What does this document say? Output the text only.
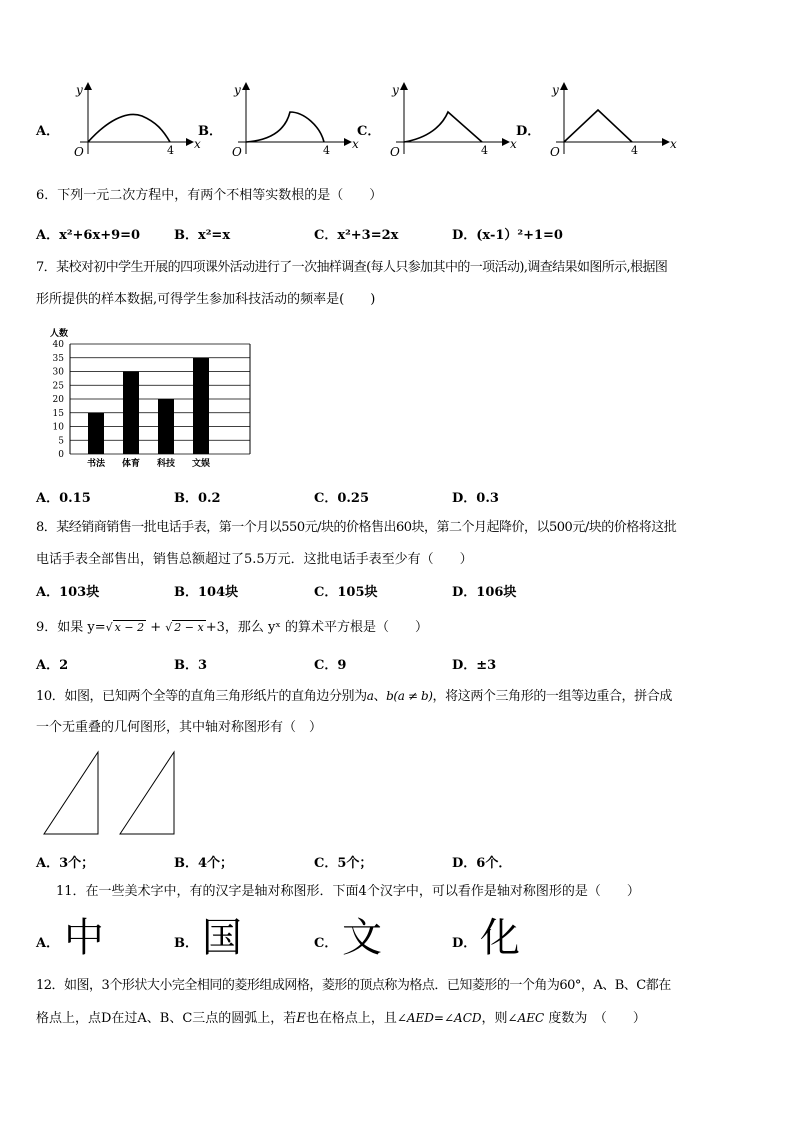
A．
y
x
O	4
B．
y
x
O	4
C．
y
x
O	4
D．
y
x
O	4
6．下列一元二次方程中，有两个不相等实数根的是（　　）
A．x²+6x+9=0	B．x²=x	C．x²+3=2x	D．(x-1）²+1=0
7．某校对初中学生开展的四项课外活动进行了一次抽样调查(每人只参加其中的一项活动),调查结果如图所示,根据图
形所提供的样本数据,可得学生参加科技活动的频率是(　　)
人数
0
5
10
15
20
25
30
35
40
书法 体育 科技 文娱
A．0.15	B．0.2	C．0.25	D．0.3
8．某经销商销售一批电话手表，第一个月以550元/块的价格售出60块，第二个月起降价，以500元/块的价格将这批
电话手表全部售出，销售总额超过了5.5万元．这批电话手表至少有（　　）
A．103块	B．104块	C．105块	D．106块
9．如果 y=√ x − 2 + √ 2 − x +3，那么 yˣ 的算术平方根是（　　）
A．2	B．3	C．9	D．±3
10．如图，已知两个全等的直角三角形纸片的直角边分别为a、b(a ≠ b)，将这两个三角形的一组等边重合，拼合成
一个无重叠的几何图形，其中轴对称图形有（　）
A．3个；	B．4个；	C．5个；	D．6个．
11．在一些美术字中，有的汉字是轴对称图形．下面4个汉字中，可以看作是轴对称图形的是（　　）
A． 中	B． 国	C． 文	D． 化
12．如图，3个形状大小完全相同的菱形组成网格，菱形的顶点称为格点．已知菱形的一个角为60°，A、B、C都在
格点上，点D在过A、B、C三点的圆弧上，若E也在格点上，且∠AED=∠ACD，则∠AEC 度数为　（　　）
